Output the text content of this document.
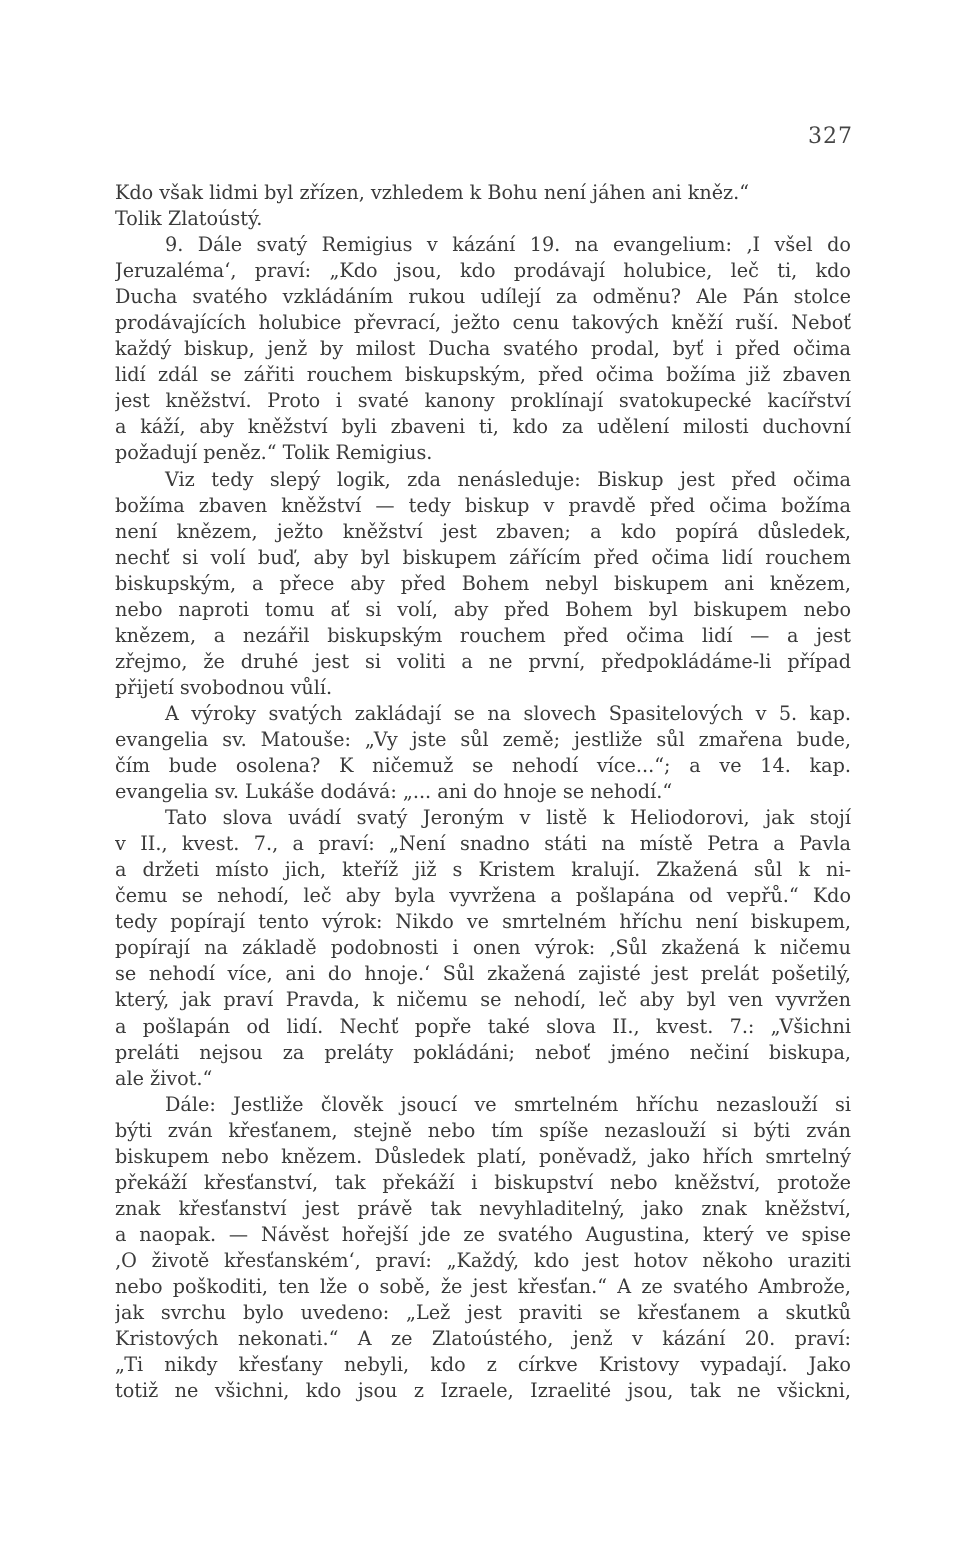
327
Kdo však lidmi byl zřízen, vzhledem k Bohu není jáhen ani kněz.“
Tolik Zlatoústý.
9. Dále svatý Remigius v kázání 19. na evangelium: ‚I všel do
Jeruzaléma‘, praví: „Kdo jsou, kdo prodávají holubice, leč ti, kdo
Ducha svatého vzkládáním rukou udílejí za odměnu? Ale Pán stolce
prodávajících holubice převrací, ježto cenu takových kněží ruší. Neboť
každý biskup, jenž by milost Ducha svatého prodal, byť i před očima
lidí zdál se zářiti rouchem biskupským, před očima božíma již zbaven
jest kněžství. Proto i svaté kanony proklínají svatokupecké kacířství
a káží, aby kněžství byli zbaveni ti, kdo za udělení milosti duchovní
požadují peněz.“ Tolik Remigius.
Viz tedy slepý logik, zda nenásleduje: Biskup jest před očima
božíma zbaven kněžství — tedy biskup v pravdě před očima božíma
není knězem, ježto kněžství jest zbaven; a kdo popírá důsledek,
nechť si volí buď, aby byl biskupem zářícím před očima lidí rouchem
biskupským, a přece aby před Bohem nebyl biskupem ani knězem,
nebo naproti tomu ať si volí, aby před Bohem byl biskupem nebo
knězem, a nezářil biskupským rouchem před očima lidí — a jest
zřejmo, že druhé jest si voliti a ne první, předpokládáme-li případ
přijetí svobodnou vůlí.
A výroky svatých zakládají se na slovech Spasitelových v 5. kap.
evangelia sv. Matouše: „Vy jste sůl země; jestliže sůl zmařena bude,
čím bude osolena? K ničemuž se nehodí více...“; a ve 14. kap.
evangelia sv. Lukáše dodává: „... ani do hnoje se nehodí.“
Tato slova uvádí svatý Jeroným v listě k Heliodorovi, jak stojí
v II., kvest. 7., a praví: „Není snadno státi na místě Petra a Pavla
a držeti místo jich, kteříž již s Kristem kralují. Zkažená sůl k ni-
čemu se nehodí, leč aby byla vyvržena a pošlapána od vepřů.“ Kdo
tedy popírají tento výrok: Nikdo ve smrtelném hříchu není biskupem,
popírají na základě podobnosti i onen výrok: ‚Sůl zkažená k ničemu
se nehodí více, ani do hnoje.‘ Sůl zkažená zajisté jest prelát pošetilý,
který, jak praví Pravda, k ničemu se nehodí, leč aby byl ven vyvržen
a pošlapán od lidí. Nechť popře také slova II., kvest. 7.: „Všichni
preláti nejsou za preláty pokládáni; neboť jméno nečiní biskupa,
ale život.“
Dále: Jestliže člověk jsoucí ve smrtelném hříchu nezaslouží si
býti zván křesťanem, stejně nebo tím spíše nezaslouží si býti zván
biskupem nebo knězem. Důsledek platí, poněvadž, jako hřích smrtelný
překáží křesťanství, tak překáží i biskupství nebo kněžství, protože
znak křesťanství jest právě tak nevyhladitelný, jako znak kněžství,
a naopak. — Návěst hořejší jde ze svatého Augustina, který ve spise
‚O životě křesťanském‘, praví: „Každý, kdo jest hotov někoho uraziti
nebo poškoditi, ten lže o sobě, že jest křesťan.“ A ze svatého Ambrože,
jak svrchu bylo uvedeno: „Lež jest praviti se křesťanem a skutků
Kristových nekonati.“ A ze Zlatoústého, jenž v kázání 20. praví:
„Ti nikdy křesťany nebyli, kdo z církve Kristovy vypadají. Jako
totiž ne všichni, kdo jsou z Izraele, Izraelité jsou, tak ne všickni,
